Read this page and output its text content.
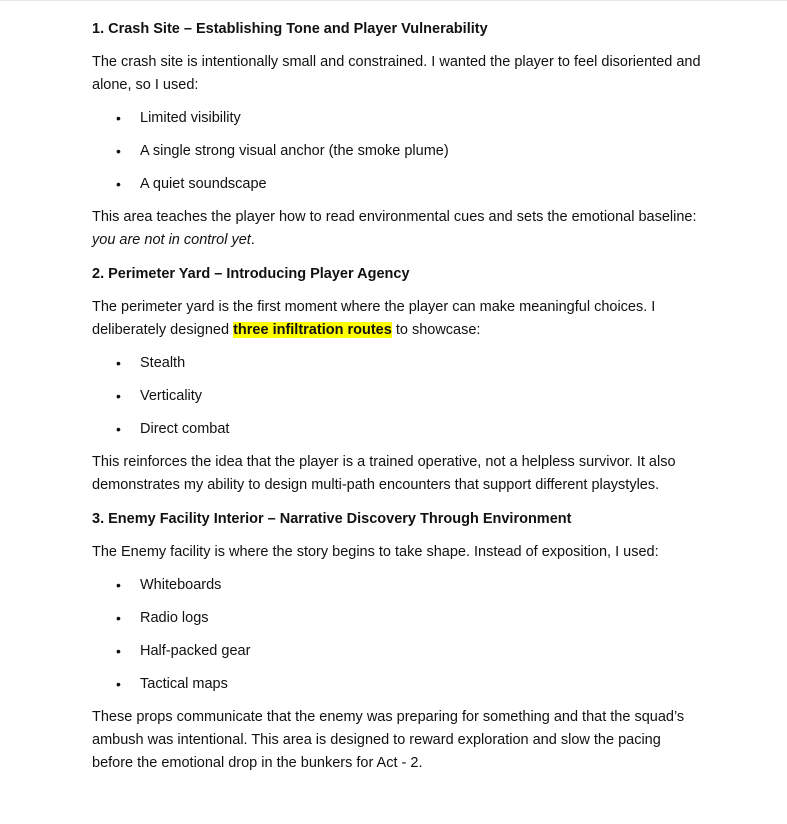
1. Crash Site – Establishing Tone and Player Vulnerability

The crash site is intentionally small and constrained. I wanted the player to feel disoriented and alone, so I used:

• Limited visibility
• A single strong visual anchor (the smoke plume)
• A quiet soundscape

This area teaches the player how to read environmental cues and sets the emotional baseline: you are not in control yet.

2. Perimeter Yard – Introducing Player Agency

The perimeter yard is the first moment where the player can make meaningful choices. I deliberately designed three infiltration routes to showcase:

• Stealth
• Verticality
• Direct combat

This reinforces the idea that the player is a trained operative, not a helpless survivor. It also demonstrates my ability to design multi-path encounters that support different playstyles.

3. Enemy Facility Interior – Narrative Discovery Through Environment

The Enemy facility is where the story begins to take shape. Instead of exposition, I used:

• Whiteboards
• Radio logs
• Half-packed gear
• Tactical maps

These props communicate that the enemy was preparing for something and that the squad’s ambush was intentional. This area is designed to reward exploration and slow the pacing before the emotional drop in the bunkers for Act - 2.
